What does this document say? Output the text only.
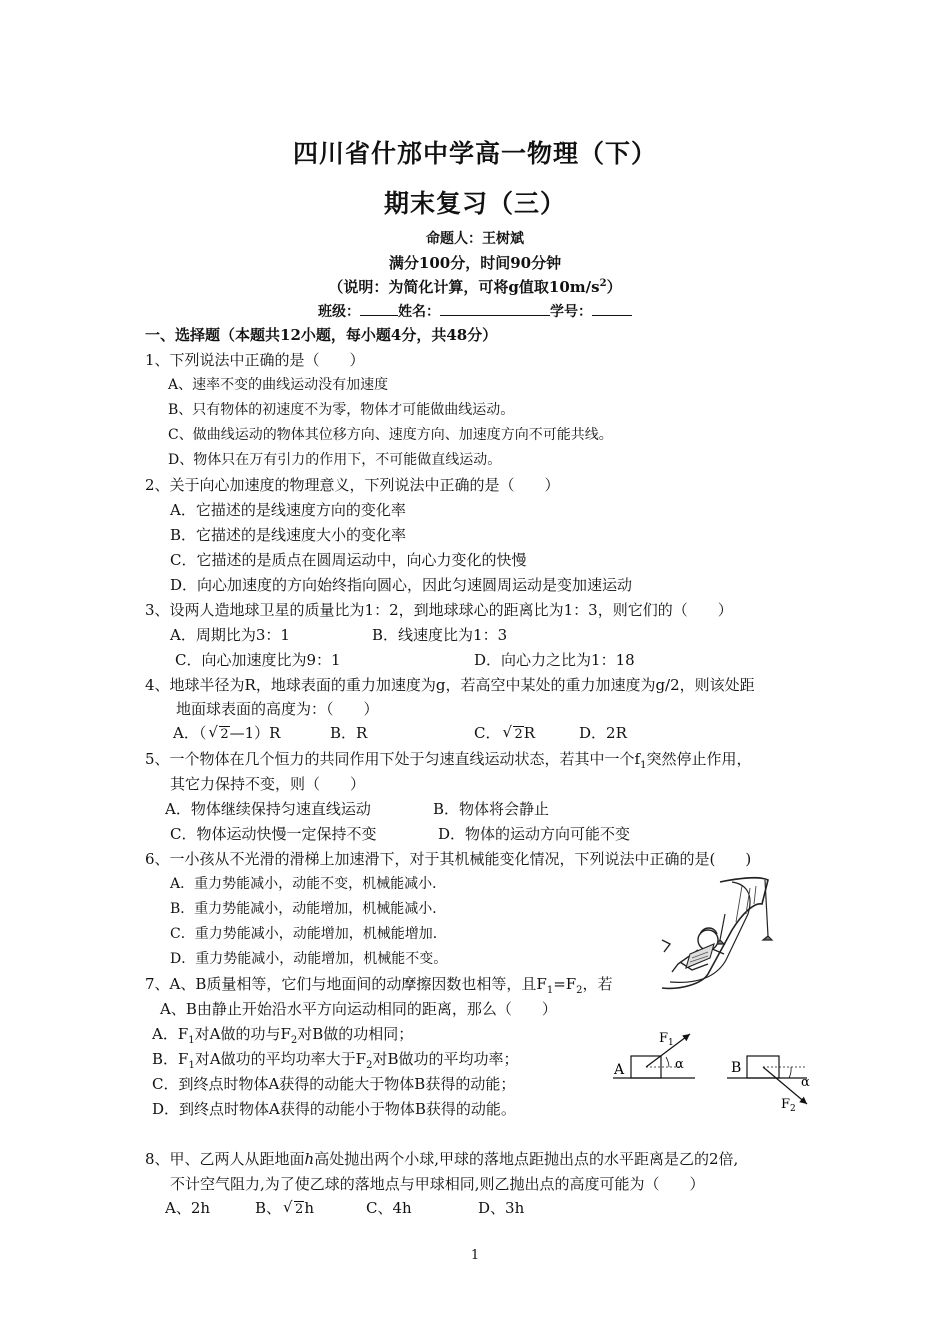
四川省什邡中学高一物理（下）
期末复习（三）
命题人：王树斌
满分100分，时间90分钟
（说明：为简化计算，可将g值取$10m/s^2$）
班级：	姓名：	学号：
一、选择题（本题共12小题，每小题4分，共48分）
1、下列说法中正确的是（　　）
A、速率不变的曲线运动没有加速度
B、只有物体的初速度不为零，物体才可能做曲线运动。
C、做曲线运动的物体其位移方向、速度方向、加速度方向不可能共线。
D、物体只在万有引力的作用下，不可能做直线运动。
2、关于向心加速度的物理意义，下列说法中正确的是（　　）
A．它描述的是线速度方向的变化率
B．它描述的是线速度大小的变化率
C．它描述的是质点在圆周运动中，向心力变化的快慢
D．向心加速度的方向始终指向圆心，因此匀速圆周运动是变加速运动
3、设两人造地球卫星的质量比为1：2，到地球球心的距离比为1：3，则它们的（　　）
A．周期比为3：1	B．线速度比为1：3
C．向心加速度比为9：1	D．向心力之比为1：18
4、地球半径为R，地球表面的重力加速度为g，若高空中某处的重力加速度为g/2，则该处距
地面球表面的高度为：（　　）
A．（ √ 2—1）R	B．R	C． √ 2R	D．2R
5、一个物体在几个恒力的共同作用下处于匀速直线运动状态，若其中一个$f_1$突然停止作用，
其它力保持不变，则（　　）
A．物体继续保持匀速直线运动	B．物体将会静止
C．物体运动快慢一定保持不变	D．物体的运动方向可能不变
6、一小孩从不光滑的滑梯上加速滑下，对于其机械能变化情况，下列说法中正确的是(　　)
A．重力势能减小，动能不变，机械能减小．
B．重力势能减小，动能增加，机械能减小．
C．重力势能减小，动能增加，机械能增加．
D．重力势能减小，动能增加，机械能不变。
7、A、B质量相等，它们与地面间的动摩擦因数也相等，且$F_1=F_2$，若
A、B由静止开始沿水平方向运动相同的距离，那么（　　）
A．$F_1$对A做的功与$F_2$对B做的功相同；
B．$F_1$对A做功的平均功率大于$F_2$对B做功的平均功率；
C．到终点时物体A获得的动能大于物体B获得的动能；
D．到终点时物体A获得的动能小于物体B获得的动能。
A
$F_1$
α	B
$F_2$
α
8、甲、乙两人从距地面h高处抛出两个小球,甲球的落地点距抛出点的水平距离是乙的2倍,
不计空气阻力,为了使乙球的落地点与甲球相同,则乙抛出点的高度可能为（　　）
A、2h	B、 √ 2h	C、4h	D、3h
1
